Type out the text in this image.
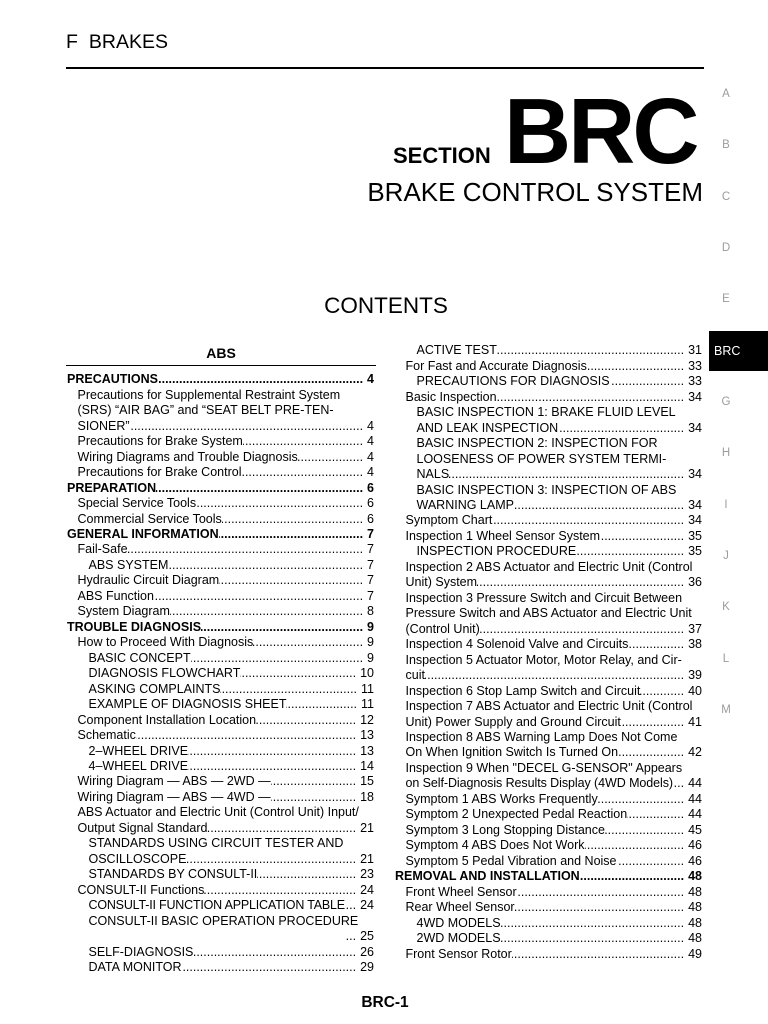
F BRAKES
SECTION BRC
BRAKE CONTROL SYSTEM
CONTENTS
ABS
PRECAUTIONS .....	4
Precautions for Supplemental Restraint System
(SRS) “AIR BAG” and “SEAT BELT PRE-TEN-
SIONER” .....	4
Precautions for Brake System .....	4
Wiring Diagrams and Trouble Diagnosis .....	4
Precautions for Brake Control .....	4
PREPARATION .....	6
Special Service Tools .....	6
Commercial Service Tools .....	6
GENERAL INFORMATION .....	7
Fail-Safe .....	7
ABS SYSTEM .....	7
Hydraulic Circuit Diagram .....	7
ABS Function .....	7
System Diagram .....	8
TROUBLE DIAGNOSIS .....	9
How to Proceed With Diagnosis .....	9
BASIC CONCEPT .....	9
DIAGNOSIS FLOWCHART .....	10
ASKING COMPLAINTS .....	11
EXAMPLE OF DIAGNOSIS SHEET .....	11
Component Installation Location .....	12
Schematic .....	13
2–WHEEL DRIVE .....	13
4–WHEEL DRIVE .....	14
Wiring Diagram — ABS — 2WD — .....	15
Wiring Diagram — ABS — 4WD — .....	18
ABS Actuator and Electric Unit (Control Unit) Input/
Output Signal Standard .....	21
STANDARDS USING CIRCUIT TESTER AND
OSCILLOSCOPE .....	21
STANDARDS BY CONSULT-II .....	23
CONSULT-II Functions .....	24
CONSULT-II FUNCTION APPLICATION TABLE ..... 24
CONSULT-II BASIC OPERATION PROCEDURE
... 25
SELF-DIAGNOSIS .....	26
DATA MONITOR .....	29
ACTIVE TEST .....	31
For Fast and Accurate Diagnosis .....	33
PRECAUTIONS FOR DIAGNOSIS .....	33
Basic Inspection .....	34
BASIC INSPECTION 1: BRAKE FLUID LEVEL
AND LEAK INSPECTION .....	34
BASIC INSPECTION 2: INSPECTION FOR
LOOSENESS OF POWER SYSTEM TERMI-
NALS .....	34
BASIC INSPECTION 3: INSPECTION OF ABS
WARNING LAMP .....	34
Symptom Chart .....	34
Inspection 1 Wheel Sensor System .....	35
INSPECTION PROCEDURE .....	35
Inspection 2 ABS Actuator and Electric Unit (Control
Unit) System .....	36
Inspection 3 Pressure Switch and Circuit Between
Pressure Switch and ABS Actuator and Electric Unit
(Control Unit) .....	37
Inspection 4 Solenoid Valve and Circuits .....	38
Inspection 5 Actuator Motor, Motor Relay, and Cir-
cuit .....	39
Inspection 6 Stop Lamp Switch and Circuit .....	40
Inspection 7 ABS Actuator and Electric Unit (Control
Unit) Power Supply and Ground Circuit .....	41
Inspection 8 ABS Warning Lamp Does Not Come
On When Ignition Switch Is Turned On .....	42
Inspection 9 When "DECEL G-SENSOR" Appears
on Self-Diagnosis Results Display (4WD Models) ..... 44
Symptom 1 ABS Works Frequently .....	44
Symptom 2 Unexpected Pedal Reaction .....	44
Symptom 3 Long Stopping Distance .....	45
Symptom 4 ABS Does Not Work .....	46
Symptom 5 Pedal Vibration and Noise .....	46
REMOVAL AND INSTALLATION .....	48
Front Wheel Sensor .....	48
Rear Wheel Sensor .....	48
4WD MODELS .....	48
2WD MODELS .....	48
Front Sensor Rotor .....	49
A
B
C
D
E
BRC
G
H
I
J
K
L
M
BRC-1
